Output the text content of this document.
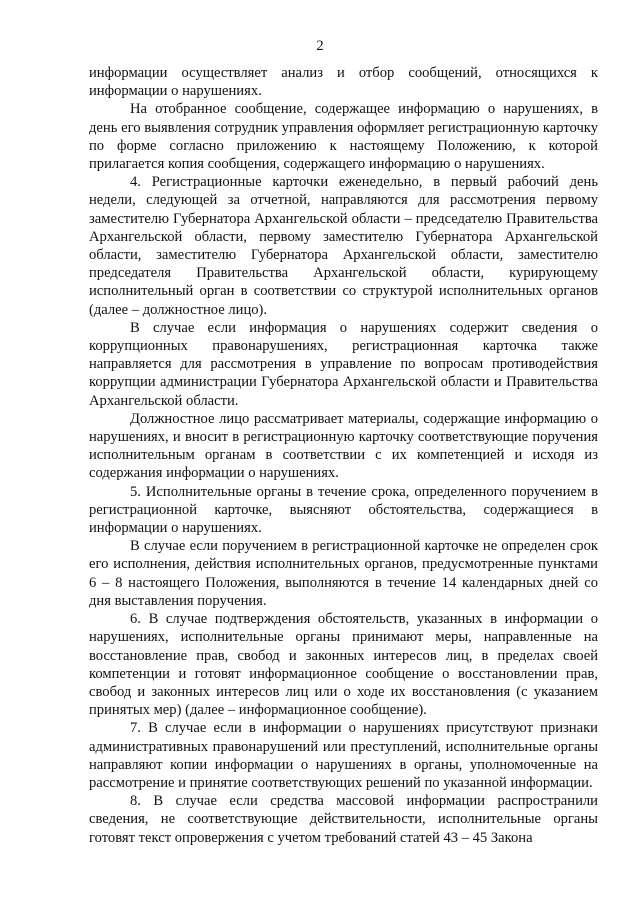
2

информации осуществляет анализ и отбор сообщений, относящихся к информации о нарушениях.

На отобранное сообщение, содержащее информацию о нарушениях, в день его выявления сотрудник управления оформляет регистрационную карточку по форме согласно приложению к настоящему Положению, к которой прилагается копия сообщения, содержащего информацию о нарушениях.

4. Регистрационные карточки еженедельно, в первый рабочий день недели, следующей за отчетной, направляются для рассмотрения первому заместителю Губернатора Архангельской области – председателю Правительства Архангельской области, первому заместителю Губернатора Архангельской области, заместителю Губернатора Архангельской области, заместителю председателя Правительства Архангельской области, курирующему исполнительный орган в соответствии со структурой исполнительных органов (далее – должностное лицо).

В случае если информация о нарушениях содержит сведения о коррупционных правонарушениях, регистрационная карточка также направляется для рассмотрения в управление по вопросам противодействия коррупции администрации Губернатора Архангельской области и Правительства Архангельской области.

Должностное лицо рассматривает материалы, содержащие информацию о нарушениях, и вносит в регистрационную карточку соответствующие поручения исполнительным органам в соответствии с их компетенцией и исходя из содержания информации о нарушениях.

5. Исполнительные органы в течение срока, определенного поручением в регистрационной карточке, выясняют обстоятельства, содержащиеся в информации о нарушениях.

В случае если поручением в регистрационной карточке не определен срок его исполнения, действия исполнительных органов, предусмотренные пунктами 6 – 8 настоящего Положения, выполняются в течение 14 календарных дней со дня выставления поручения.

6. В случае подтверждения обстоятельств, указанных в информации о нарушениях, исполнительные органы принимают меры, направленные на восстановление прав, свобод и законных интересов лиц, в пределах своей компетенции и готовят информационное сообщение о восстановлении прав, свобод и законных интересов лиц или о ходе их восстановления (с указанием принятых мер) (далее – информационное сообщение).

7. В случае если в информации о нарушениях присутствуют признаки административных правонарушений или преступлений, исполнительные органы направляют копии информации о нарушениях в органы, уполномоченные на рассмотрение и принятие соответствующих решений по указанной информации.

8. В случае если средства массовой информации распространили сведения, не соответствующие действительности, исполнительные органы готовят текст опровержения с учетом требований статей 43 – 45 Закона
